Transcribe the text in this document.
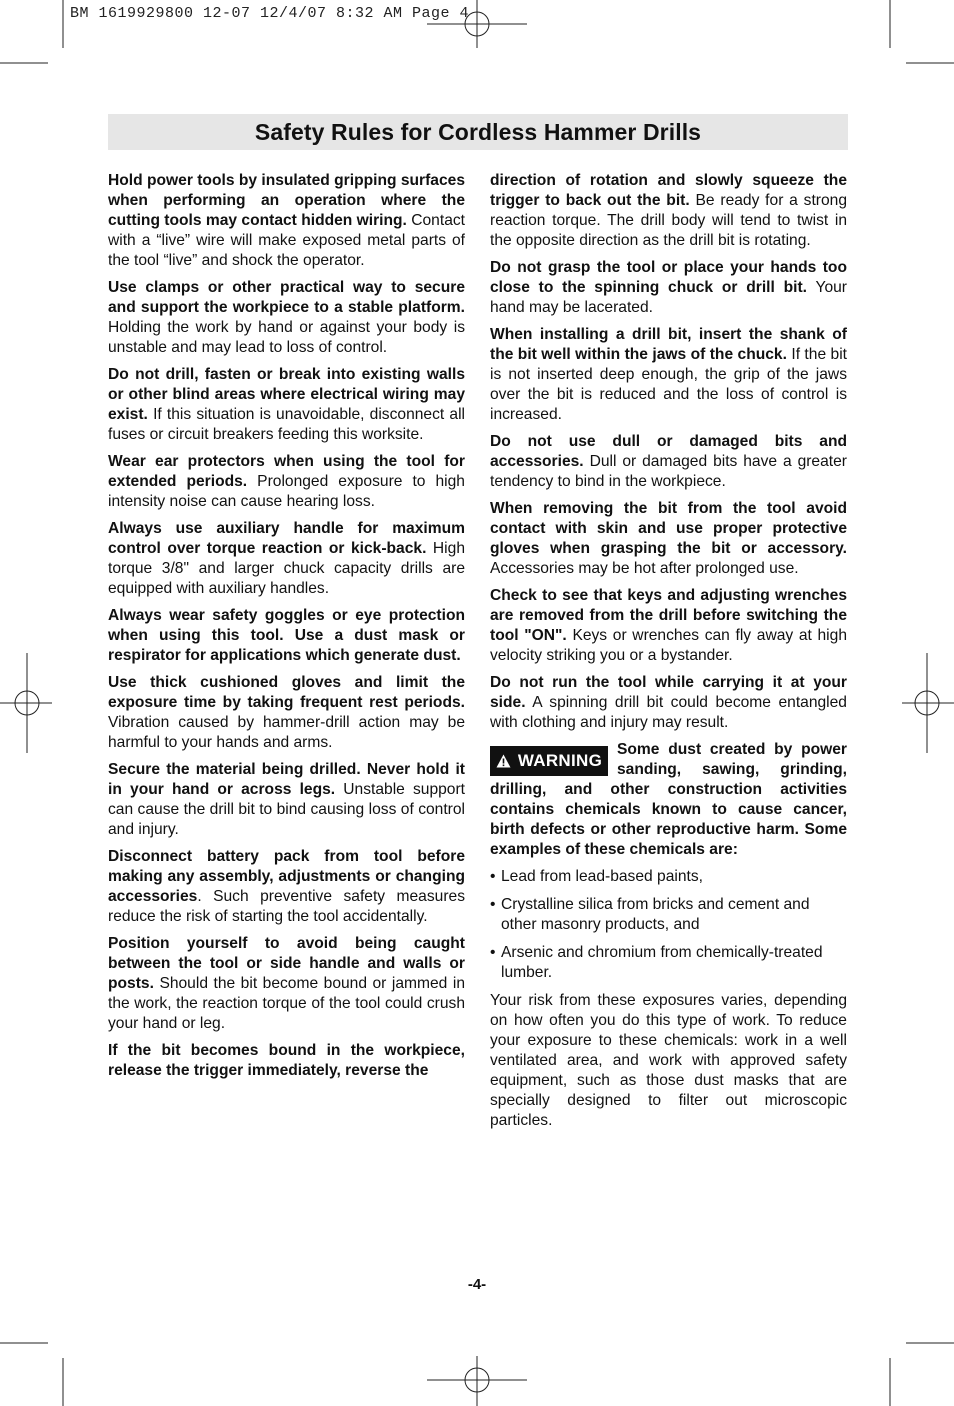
BM 1619929800 12-07 12/4/07 8:32 AM Page 4
Safety Rules for Cordless Hammer Drills

Hold power tools by insulated gripping surfaces when performing an operation where the cutting tools may contact hidden wiring. Contact with a “live” wire will make exposed metal parts of the tool “live” and shock the operator.

Use clamps or other practical way to secure and support the workpiece to a stable platform. Holding the work by hand or against your body is unstable and may lead to loss of control.

Do not drill, fasten or break into existing walls or other blind areas where electrical wiring may exist. If this situation is unavoidable, disconnect all fuses or circuit breakers feeding this worksite.

Wear ear protectors when using the tool for extended periods. Prolonged exposure to high intensity noise can cause hearing loss.

Always use auxiliary handle for maximum control over torque reaction or kick-back. High torque 3/8" and larger chuck capacity drills are equipped with auxiliary handles.

Always wear safety goggles or eye protection when using this tool. Use a dust mask or respirator for applications which generate dust.

Use thick cushioned gloves and limit the exposure time by taking frequent rest periods. Vibration caused by hammer-drill action may be harmful to your hands and arms.

Secure the material being drilled. Never hold it in your hand or across legs. Unstable support can cause the drill bit to bind causing loss of control and injury.

Disconnect battery pack from tool before making any assembly, adjustments or changing accessories. Such preventive safety measures reduce the risk of starting the tool accidentally.

Position yourself to avoid being caught between the tool or side handle and walls or posts. Should the bit become bound or jammed in the work, the reaction torque of the tool could crush your hand or leg.

If the bit becomes bound in the workpiece, release the trigger immediately, reverse the

direction of rotation and slowly squeeze the trigger to back out the bit. Be ready for a strong reaction torque. The drill body will tend to twist in the opposite direction as the drill bit is rotating.

Do not grasp the tool or place your hands too close to the spinning chuck or drill bit. Your hand may be lacerated.

When installing a drill bit, insert the shank of the bit well within the jaws of the chuck. If the bit is not inserted deep enough, the grip of the jaws over the bit is reduced and the loss of control is increased.

Do not use dull or damaged bits and accessories. Dull or damaged bits have a greater tendency to bind in the workpiece.

When removing the bit from the tool avoid contact with skin and use proper protective gloves when grasping the bit or accessory. Accessories may be hot after prolonged use.

Check to see that keys and adjusting wrenches are removed from the drill before switching the tool "ON". Keys or wrenches can fly away at high velocity striking you or a bystander.

Do not run the tool while carrying it at your side. A spinning drill bit could become entangled with clothing and injury may result.

WARNING

Some dust created by power sanding, sawing, grinding, drilling, and other construction activities contains chemicals known to cause cancer, birth defects or other reproductive harm. Some examples of these chemicals are:

• Lead from lead-based paints,
• Crystalline silica from bricks and cement and other masonry products, and
• Arsenic and chromium from chemically-treated lumber.

Your risk from these exposures varies, depending on how often you do this type of work. To reduce your exposure to these chemicals: work in a well ventilated area, and work with approved safety equipment, such as those dust masks that are specially designed to filter out microscopic particles.

-4-
